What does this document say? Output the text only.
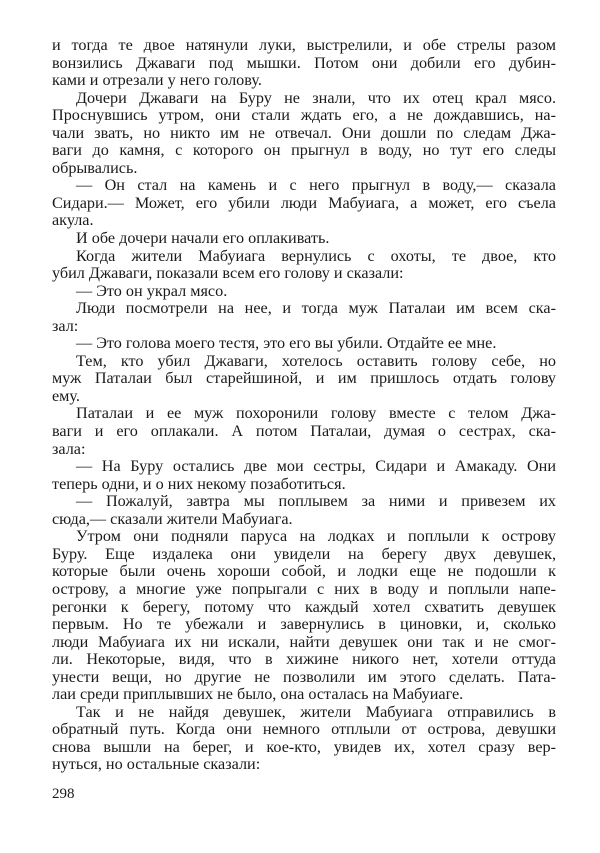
и тогда те двое натянули луки, выстрелили, и обе стрелы разом
вонзились Джаваги под мышки. Потом они добили его дубин-
ками и отрезали у него голову.
Дочери Джаваги на Буру не знали, что их отец крал мясо.
Проснувшись утром, они стали ждать его, а не дождавшись, на-
чали звать, но никто им не отвечал. Они дошли по следам Джа-
ваги до камня, с которого он прыгнул в воду, но тут его следы
обрывались.
— Он стал на камень и с него прыгнул в воду,— сказала
Сидари.— Может, его убили люди Мабуиага, а может, его съела
акула.
И обе дочери начали его оплакивать.
Когда жители Мабуиага вернулись с охоты, те двое, кто
убил Джаваги, показали всем его голову и сказали:
— Это он украл мясо.
Люди посмотрели на нее, и тогда муж Паталаи им всем ска-
зал:
— Это голова моего тестя, это его вы убили. Отдайте ее мне.
Тем, кто убил Джаваги, хотелось оставить голову себе, но
муж Паталаи был старейшиной, и им пришлось отдать голову
ему.
Паталаи и ее муж похоронили голову вместе с телом Джа-
ваги и его оплакали. А потом Паталаи, думая о сестрах, ска-
зала:
— На Буру остались две мои сестры, Сидари и Амакаду. Они
теперь одни, и о них некому позаботиться.
— Пожалуй, завтра мы поплывем за ними и привезем их
сюда,— сказали жители Мабуиага.
Утром они подняли паруса на лодках и поплыли к острову
Буру. Еще издалека они увидели на берегу двух девушек,
которые были очень хороши собой, и лодки еще не подошли к
острову, а многие уже попрыгали с них в воду и поплыли напе-
регонки к берегу, потому что каждый хотел схватить девушек
первым. Но те убежали и завернулись в циновки, и, сколько
люди Мабуиага их ни искали, найти девушек они так и не смог-
ли. Некоторые, видя, что в хижине никого нет, хотели оттуда
унести вещи, но другие не позволили им этого сделать. Пата-
лаи среди приплывших не было, она осталась на Мабуиаге.
Так и не найдя девушек, жители Мабуиага отправились в
обратный путь. Когда они немного отплыли от острова, девушки
снова вышли на берег, и кое-кто, увидев их, хотел сразу вер-
нуться, но остальные сказали:
298
